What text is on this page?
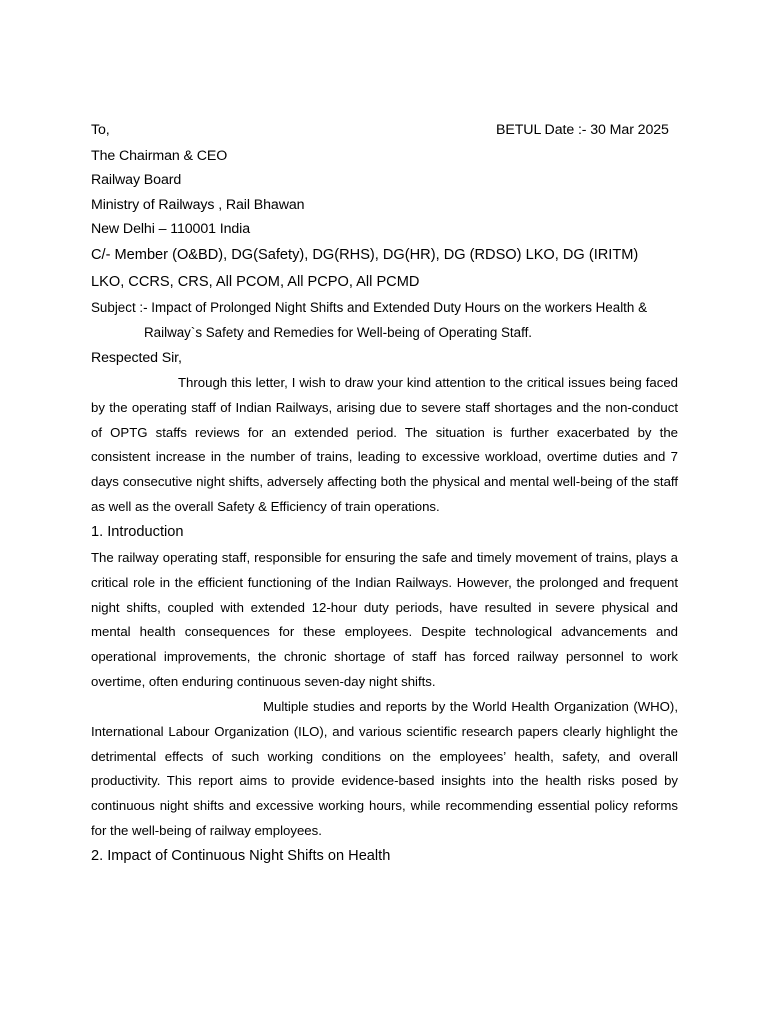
To,	BETUL Date :- 30 Mar 2025

The Chairman & CEO

Railway Board

Ministry of Railways , Rail Bhawan

New Delhi – 110001 India

C/- Member (O&BD), DG(Safety), DG(RHS), DG(HR), DG (RDSO) LKO, DG (IRITM)

LKO, CCRS, CRS, All PCOM, All PCPO, All PCMD

Subject :- Impact of Prolonged Night Shifts and Extended Duty Hours on the workers Health &

Railway`s Safety and Remedies for Well-being of Operating Staff.

Respected Sir,

Through this letter, I wish to draw your kind attention to the critical issues being faced by the operating staff of Indian Railways, arising due to severe staff shortages and the non-conduct of OPTG staffs reviews for an extended period. The situation is further exacerbated by the consistent increase in the number of trains, leading to excessive workload, overtime duties and 7 days consecutive night shifts, adversely affecting both the physical and mental well-being of the staff as well as the overall Safety & Efficiency of train operations.

1. Introduction

The railway operating staff, responsible for ensuring the safe and timely movement of trains, plays a critical role in the efficient functioning of the Indian Railways. However, the prolonged and frequent night shifts, coupled with extended 12-hour duty periods, have resulted in severe physical and mental health consequences for these employees. Despite technological advancements and operational improvements, the chronic shortage of staff has forced railway personnel to work overtime, often enduring continuous seven-day night shifts.

Multiple studies and reports by the World Health Organization (WHO), International Labour Organization (ILO), and various scientific research papers clearly highlight the detrimental effects of such working conditions on the employees’ health, safety, and overall productivity. This report aims to provide evidence-based insights into the health risks posed by continuous night shifts and excessive working hours, while recommending essential policy reforms for the well-being of railway employees.

2. Impact of Continuous Night Shifts on Health
